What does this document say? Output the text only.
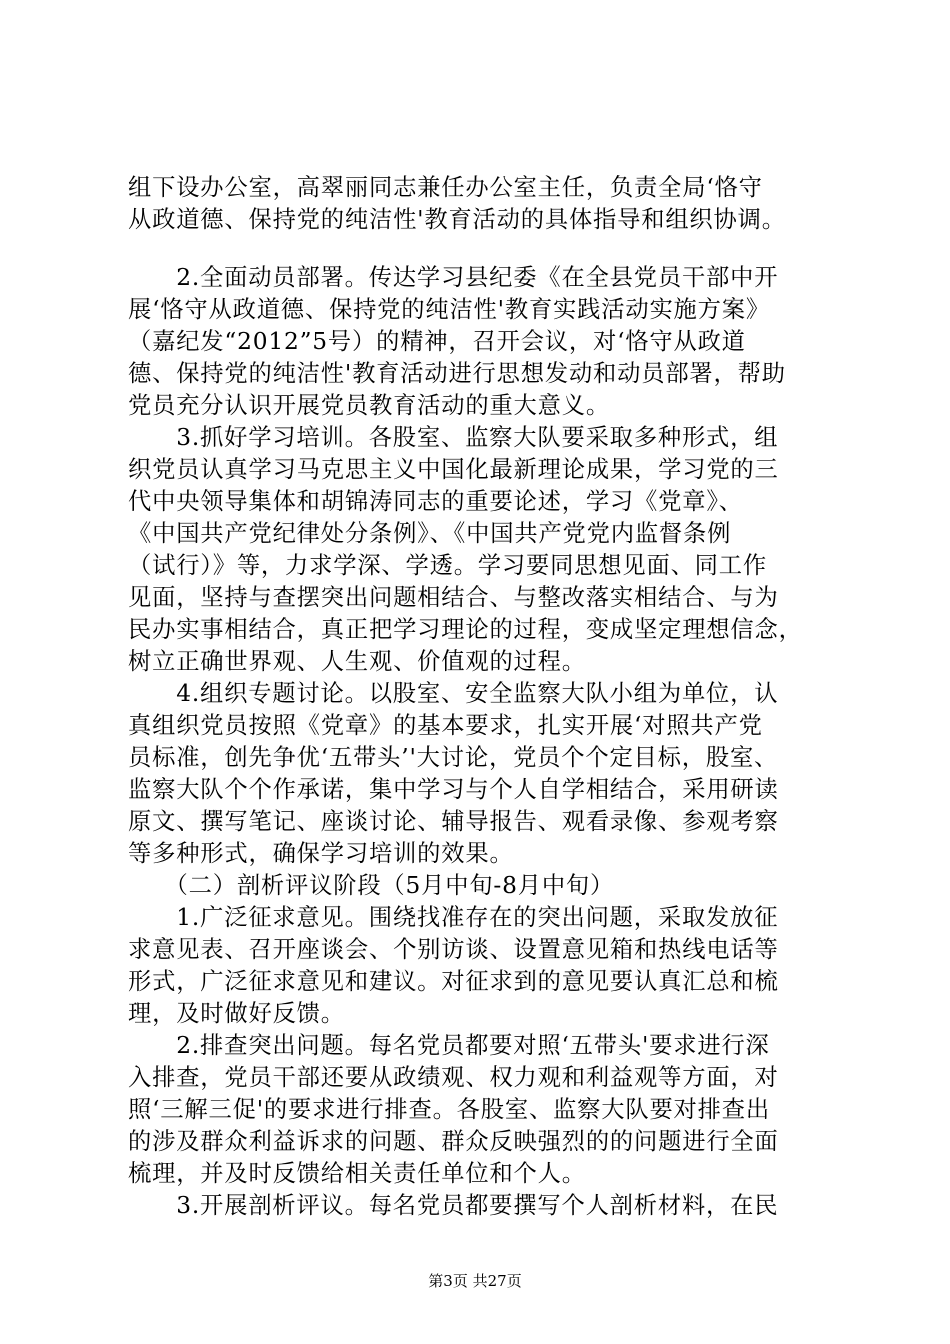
组下设办公室，高翠丽同志兼任办公室主任，负责全局‘恪守
从政道德、保持党的纯洁性'教育活动的具体指导和组织协调。
　　2.全面动员部署。传达学习县纪委《在全县党员干部中开
展‘恪守从政道德、保持党的纯洁性'教育实践活动实施方案》
（嘉纪发“2012”5号）的精神，召开会议，对‘恪守从政道
德、保持党的纯洁性'教育活动进行思想发动和动员部署，帮助
党员充分认识开展党员教育活动的重大意义。
　　3.抓好学习培训。各股室、监察大队要采取多种形式，组
织党员认真学习马克思主义中国化最新理论成果，学习党的三
代中央领导集体和胡锦涛同志的重要论述，学习《党章》、
《中国共产党纪律处分条例》、《中国共产党党内监督条例
（试行）》等，力求学深、学透。学习要同思想见面、同工作
见面，坚持与查摆突出问题相结合、与整改落实相结合、与为
民办实事相结合，真正把学习理论的过程，变成坚定理想信念，
树立正确世界观、人生观、价值观的过程。
　　4.组织专题讨论。以股室、安全监察大队小组为单位，认
真组织党员按照《党章》的基本要求，扎实开展‘对照共产党
员标准，创先争优‘五带头’'大讨论，党员个个定目标，股室、
监察大队个个作承诺，集中学习与个人自学相结合，采用研读
原文、撰写笔记、座谈讨论、辅导报告、观看录像、参观考察
等多种形式，确保学习培训的效果。
　　（二）剖析评议阶段（5月中旬-8月中旬）
　　1.广泛征求意见。围绕找准存在的突出问题，采取发放征
求意见表、召开座谈会、个别访谈、设置意见箱和热线电话等
形式，广泛征求意见和建议。对征求到的意见要认真汇总和梳
理，及时做好反馈。
　　2.排查突出问题。每名党员都要对照‘五带头'要求进行深
入排查，党员干部还要从政绩观、权力观和利益观等方面，对
照‘三解三促'的要求进行排查。各股室、监察大队要对排查出
的涉及群众利益诉求的问题、群众反映强烈的的问题进行全面
梳理，并及时反馈给相关责任单位和个人。
　　3.开展剖析评议。每名党员都要撰写个人剖析材料，在民
第3页 共27页
